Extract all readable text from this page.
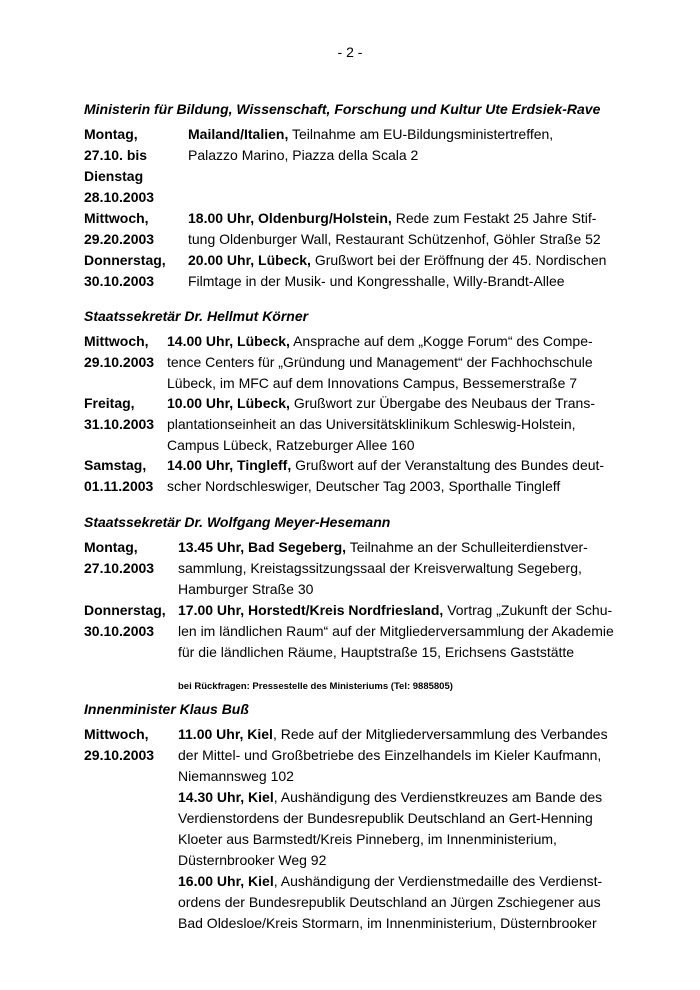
- 2 -
Ministerin für Bildung, Wissenschaft, Forschung und Kultur Ute Erdsiek-Rave
Montag,
27.10. bis
Dienstag
28.10.2003
Mailand/Italien, Teilnahme am EU-Bildungsministertreffen,
Palazzo Marino, Piazza della Scala 2
Mittwoch,
29.20.2003
18.00 Uhr, Oldenburg/Holstein, Rede zum Festakt 25 Jahre Stif-
tung Oldenburger Wall, Restaurant Schützenhof, Göhler Straße 52
Donnerstag,
30.10.2003
20.00 Uhr, Lübeck, Grußwort bei der Eröffnung der 45. Nordischen
Filmtage in der Musik- und Kongresshalle, Willy-Brandt-Allee
Staatssekretär Dr. Hellmut Körner
Mittwoch,
29.10.2003
14.00 Uhr, Lübeck, Ansprache auf dem „Kogge Forum“ des Compe-
tence Centers für „Gründung und Management“ der Fachhochschule
Lübeck, im MFC auf dem Innovations Campus, Bessemerstraße 7
Freitag,
31.10.2003
10.00 Uhr, Lübeck, Grußwort zur Übergabe des Neubaus der Trans-
plantationseinheit an das Universitätsklinikum Schleswig-Holstein,
Campus Lübeck, Ratzeburger Allee 160
Samstag,
01.11.2003
14.00 Uhr, Tingleff, Grußwort auf der Veranstaltung des Bundes deut-
scher Nordschleswiger, Deutscher Tag 2003, Sporthalle Tingleff
Staatssekretär Dr. Wolfgang Meyer-Hesemann
Montag,
27.10.2003
13.45 Uhr, Bad Segeberg, Teilnahme an der Schulleiterdienstver-
sammlung, Kreistagssitzungssaal der Kreisverwaltung Segeberg,
Hamburger Straße 30
Donnerstag,
30.10.2003
17.00 Uhr, Horstedt/Kreis Nordfriesland, Vortrag „Zukunft der Schu-
len im ländlichen Raum“ auf der Mitgliederversammlung der Akademie
für die ländlichen Räume, Hauptstraße 15, Erichsens Gaststätte
bei Rückfragen: Pressestelle des Ministeriums (Tel: 9885805)
Innenminister Klaus Buß
Mittwoch,
29.10.2003
11.00 Uhr, Kiel, Rede auf der Mitgliederversammlung des Verbandes
der Mittel- und Großbetriebe des Einzelhandels im Kieler Kaufmann,
Niemannsweg 102
14.30 Uhr, Kiel, Aushändigung des Verdienstkreuzes am Bande des
Verdienstordens der Bundesrepublik Deutschland an Gert-Henning
Kloeter aus Barmstedt/Kreis Pinneberg, im Innenministerium,
Düsternbrooker Weg 92
16.00 Uhr, Kiel, Aushändigung der Verdienstmedaille des Verdienst-
ordens der Bundesrepublik Deutschland an Jürgen Zschiegener aus
Bad Oldesloe/Kreis Stormarn, im Innenministerium, Düsternbrooker
